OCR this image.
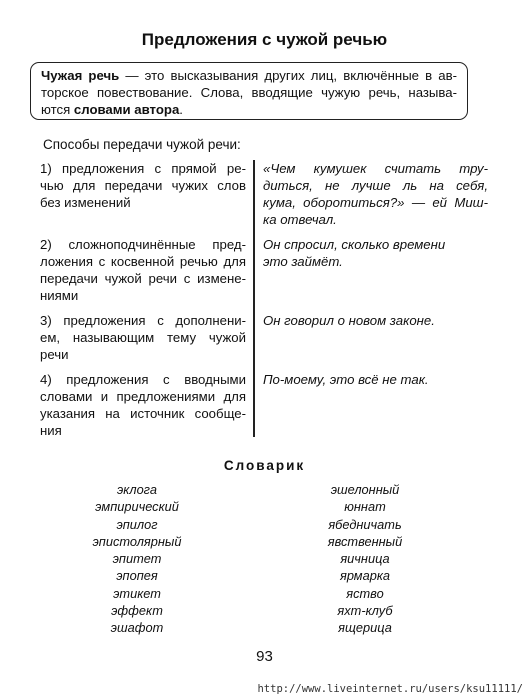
Предложения с чужой речью
Чужая речь — это высказывания других лиц, включённые в ав-
торское повествование. Слова, вводящие чужую речь, называ-
ются словами автора.
Способы передачи чужой речи:
1) предложения с прямой ре-
чью для передачи чужих слов
без изменений
«Чем кумушек считать тру-
диться, не лучше ль на себя,
кума, оборотиться?» — ей Миш-
ка отвечал.
2) сложноподчинённые пред-
ложения с косвенной речью для
передачи чужой речи с измене-
ниями
Он спросил, сколько времени
это займёт.
3) предложения с дополнени-
ем, называющим тему чужой
речи
Он говорил о новом законе.
4) предложения с вводными
словами и предложениями для
указания на источник сообще-
ния
По-моему, это всё не так.
Словарик
эклога
эмпирический
эпилог
эпистолярный
эпитет
эпопея
этикет
эффект
эшафот
эшелонный
юннат
ябедничать
явственный
яичница
ярмарка
яство
яхт-клуб
ящерица
93
http://www.liveinternet.ru/users/ksu11111/
